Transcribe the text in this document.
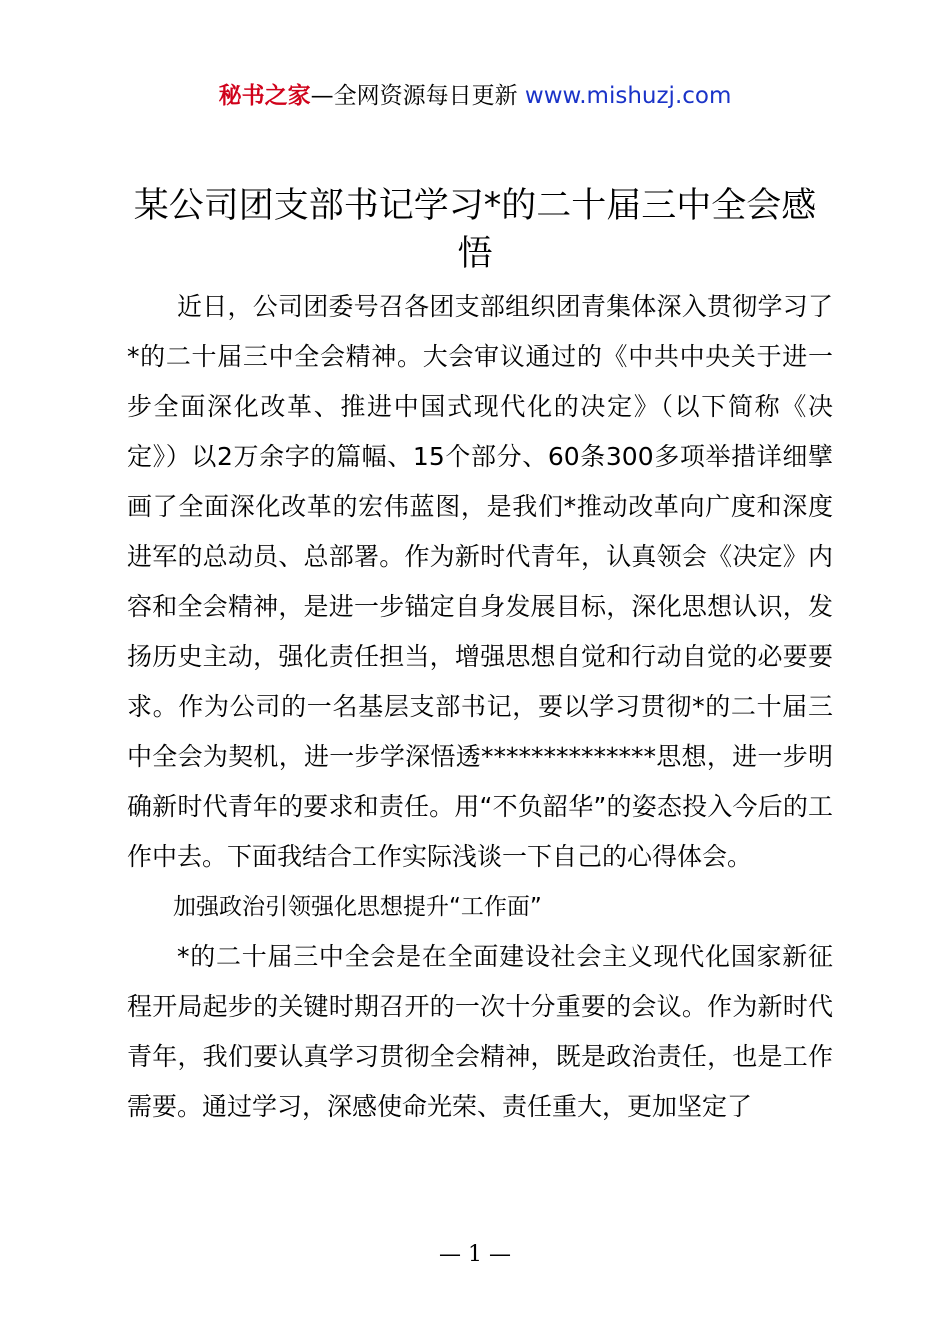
秘书之家—全网资源每日更新 www.mishuzj.com
某公司团支部书记学习*的二十届三中全会感悟

近日，公司团委号召各团支部组织团青集体深入贯彻学习了*的二十届三中全会精神。大会审议通过的《中共中央关于进一步全面深化改革、推进中国式现代化的决定》（以下简称《决定》）以2万余字的篇幅、15个部分、60条300多项举措详细擘画了全面深化改革的宏伟蓝图，是我们*推动改革向广度和深度进军的总动员、总部署。作为新时代青年，认真领会《决定》内容和全会精神，是进一步锚定自身发展目标，深化思想认识，发扬历史主动，强化责任担当，增强思想自觉和行动自觉的必要要求。作为公司的一名基层支部书记，要以学习贯彻*的二十届三中全会为契机，进一步学深悟透**************思想，进一步明确新时代青年的要求和责任。用“不负韶华”的姿态投入今后的工作中去。下面我结合工作实际浅谈一下自己的心得体会。

加强政治引领强化思想提升“工作面”

*的二十届三中全会是在全面建设社会主义现代化国家新征程开局起步的关键时期召开的一次十分重要的会议。作为新时代青年，我们要认真学习贯彻全会精神，既是政治责任，也是工作需要。通过学习，深感使命光荣、责任重大，更加坚定了

— 1 —
